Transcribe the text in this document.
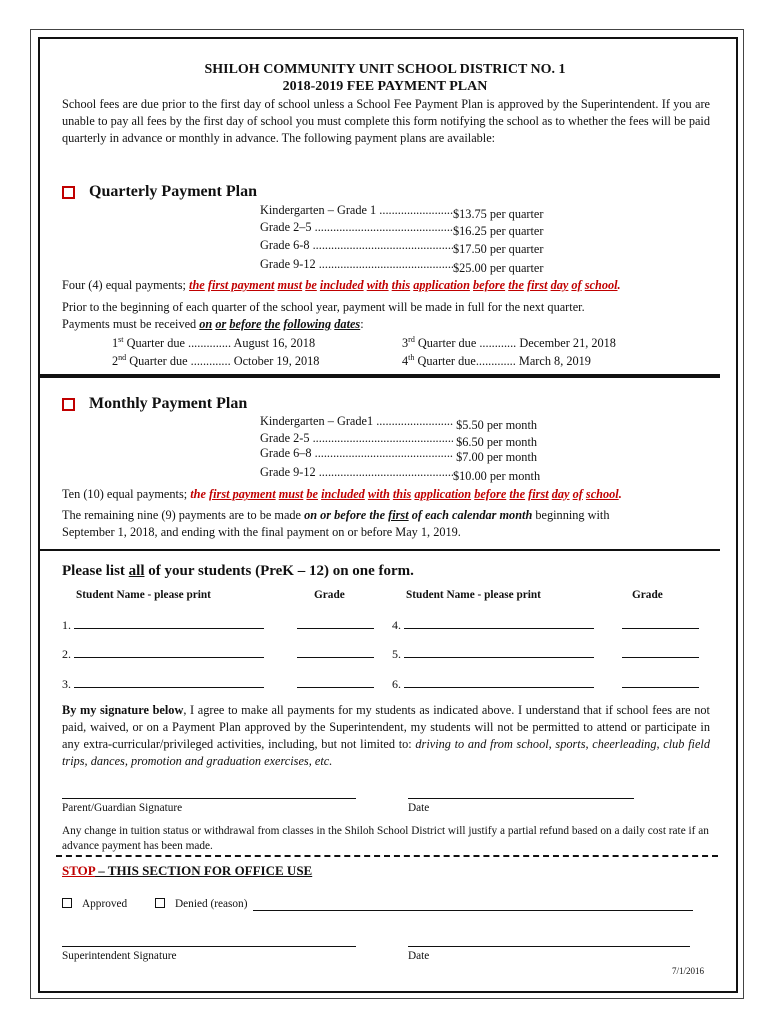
SHILOH COMMUNITY UNIT SCHOOL DISTRICT NO. 1
2018-2019 FEE PAYMENT PLAN
School fees are due prior to the first day of school unless a School Fee Payment Plan is approved by the Superintendent. If you are unable to pay all fees by the first day of school you must complete this form notifying the school as to whether the fees will be paid quarterly in advance or monthly in advance. The following payment plans are available:
Quarterly Payment Plan
Kindergarten – Grade 1 .....	$13.75 per quarter
Grade 2–5 .....	$16.25 per quarter
Grade 6-8 .....	$17.50 per quarter
Grade 9-12 .....	$25.00 per quarter
Four (4) equal payments; the first payment must be included with this application before the first day of school.
Prior to the beginning of each quarter of the school year, payment will be made in full for the next quarter.
Payments must be received on or before the following dates:
1st Quarter due .............. August 16, 2018
2nd Quarter due ............. October 19, 2018
3rd Quarter due ............ December 21, 2018
4th Quarter due............. March 8, 2019
Monthly Payment Plan
Kindergarten – Grade1 .....	$5.50 per month
Grade 2-5 .....	$6.50 per month
Grade 6–8 .....	$7.00 per month
Grade 9-12 .....	$10.00 per month
Ten (10) equal payments; the first payment must be included with this application before the first day of school.
The remaining nine (9) payments are to be made on or before the first of each calendar month beginning with
September 1, 2018, and ending with the final payment on or before May 1, 2019.
Please list all of your students (PreK – 12) on one form.
Student Name - please print	Grade	Student Name - please print	Grade
1.	4.
2.	5.
3.	6.
By my signature below, I agree to make all payments for my students as indicated above. I understand that if school fees are not paid, waived, or on a Payment Plan approved by the Superintendent, my students will not be permitted to attend or participate in any extra-curricular/privileged activities, including, but not limited to: driving to and from school, sports, cheerleading, club field trips, dances, promotion and graduation exercises, etc.
Parent/Guardian Signature	Date
Any change in tuition status or withdrawal from classes in the Shiloh School District will justify a partial refund based on a daily cost rate if an advance payment has been made.
STOP – THIS SECTION FOR OFFICE USE
Approved	Denied (reason)
Superintendent Signature	Date
7/1/2016
